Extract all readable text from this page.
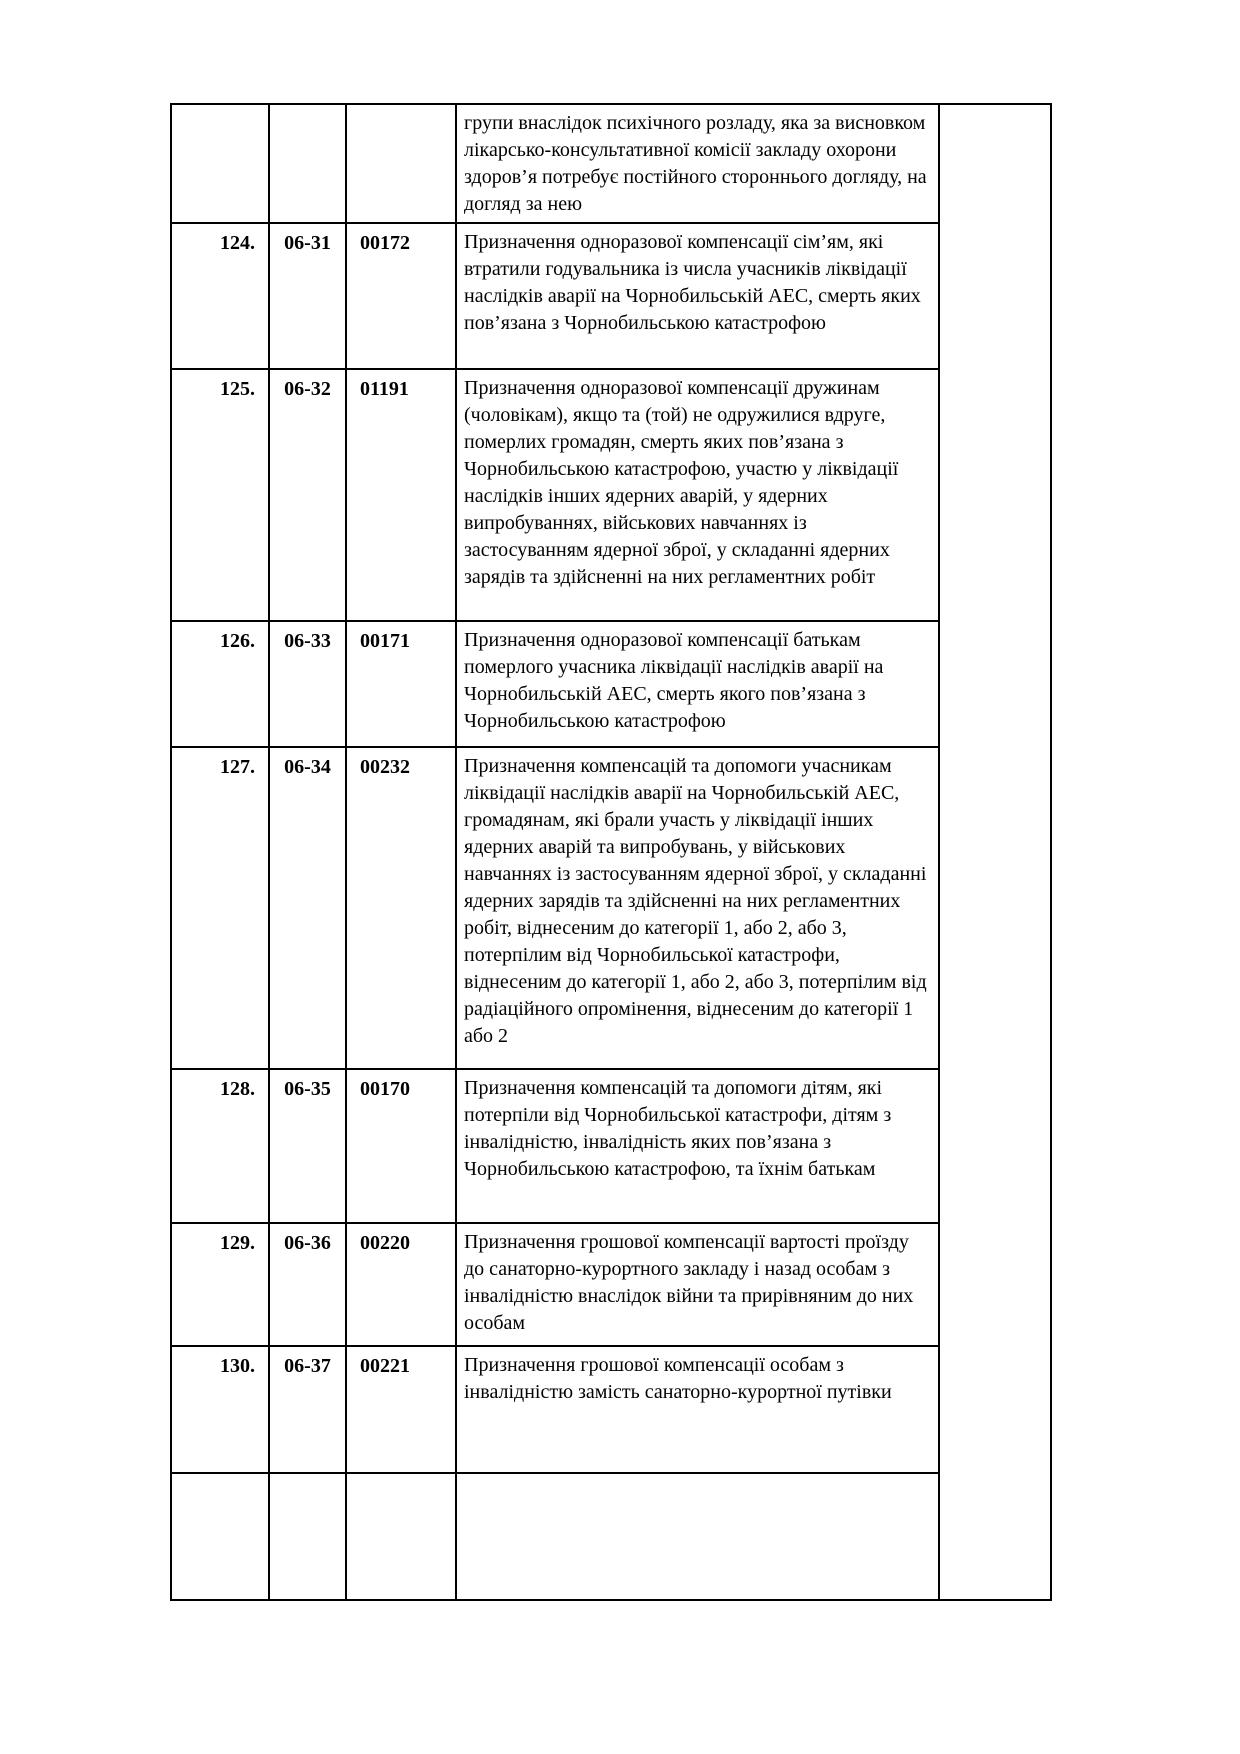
			групи внаслідок психічного розладу, яка за висновком лікарсько-консультативної комісії закладу охорони здоров’я потребує постійного стороннього догляду, на догляд за нею	
124.	06-31	00172	Призначення одноразової компенсації сім’ям, які втратили годувальника із числа учасників ліквідації наслідків аварії на Чорнобильській АЕС, смерть яких пов’язана з Чорнобильською катастрофою	
125.	06-32	01191	Призначення одноразової компенсації дружинам (чоловікам), якщо та (той) не одружилися вдруге, померлих громадян, смерть яких пов’язана з Чорнобильською катастрофою, участю у ліквідації наслідків інших ядерних аварій, у ядерних випробуваннях, військових навчаннях із застосуванням ядерної зброї, у складанні ядерних зарядів та здійсненні на них регламентних робіт	
126.	06-33	00171	Призначення одноразової компенсації батькам померлого учасника ліквідації наслідків аварії на Чорнобильській АЕС, смерть якого пов’язана з Чорнобильською катастрофою	
127.	06-34	00232	Призначення компенсацій та допомоги учасникам ліквідації наслідків аварії на Чорнобильській АЕС, громадянам, які брали участь у ліквідації інших ядерних аварій та випробувань, у військових навчаннях із застосуванням ядерної зброї, у складанні ядерних зарядів та здійсненні на них регламентних робіт, віднесеним до категорії 1, або 2, або 3, потерпілим від Чорнобильської катастрофи, віднесеним до категорії 1, або 2, або 3, потерпілим від радіаційного опромінення, віднесеним до категорії 1 або 2	
128.	06-35	00170	Призначення компенсацій та допомоги дітям, які потерпіли від Чорнобильської катастрофи, дітям з інвалідністю, інвалідність яких пов’язана з Чорнобильською катастрофою, та їхнім батькам	
129.	06-36	00220	Призначення грошової компенсації вартості проїзду до санаторно-курортного закладу і назад особам з інвалідністю внаслідок війни та прирівняним до них особам	
130.	06-37	00221	Призначення грошової компенсації особам з інвалідністю замість санаторно-курортної путівки	
